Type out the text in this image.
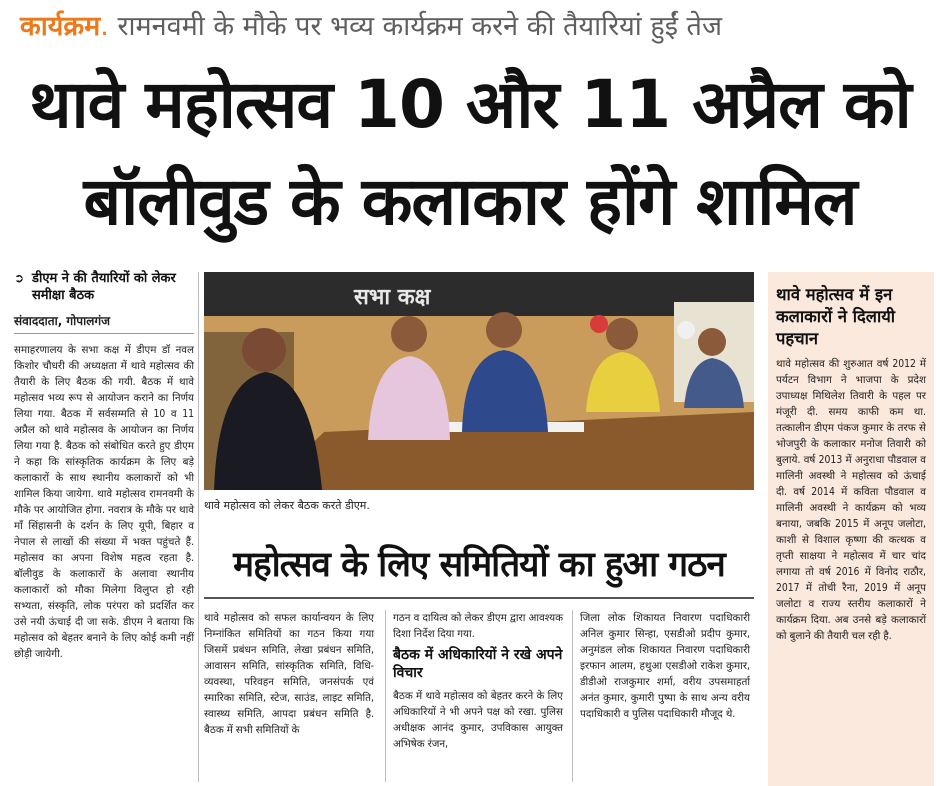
कार्यक्रम. रामनवमी के मौके पर भव्य कार्यक्रम करने की तैयारियां हुईं तेज
थावे महोत्सव 10 और 11 अप्रैल को
बॉलीवुड के कलाकार होंगे शामिल
➲ डीएम ने की तैयारियों को लेकर समीक्षा बैठक
संवाददाता, गोपालगंज
समाहरणालय के सभा कक्ष में डीएम डॉ नवल किशोर चौधरी की अध्यक्षता में थावे महोत्सव की तैयारी के लिए बैठक की गयी. बैठक में थावे महोत्सव भव्य रूप से आयोजन कराने का निर्णय लिया गया. बैठक में सर्वसम्मति से 10 व 11 अप्रैल को थावे महोत्सव के आयोजन का निर्णय लिया गया है. बैठक को संबोधित करते हुए डीएम ने कहा कि सांस्कृतिक कार्यक्रम के लिए बड़े कलाकारों के साथ स्थानीय कलाकारों को भी शामिल किया जायेगा. थावे महोत्सव रामनवमी के मौके पर आयोजित होगा. नवरात्र के मौके पर थावे माँ सिंहासनी के दर्शन के लिए यूपी, बिहार व नेपाल से लाखों की संख्या में भक्त पहुंचते हैं. महोत्सव का अपना विशेष महत्व रहता है. बॉलीवुड के कलाकारों के अलावा स्थानीय कलाकारों को मौका मिलेगा विलुप्त हो रही सभ्यता, संस्कृति, लोक परंपरा को प्रदर्शित कर उसे नयी ऊंचाई दी जा सके. डीएम ने बताया कि महोत्सव को बेहतर बनाने के लिए कोई कमी नहीं छोड़ी जायेगी.
सभा कक्ष
थावे महोत्सव को लेकर बैठक करते डीएम.
महोत्सव के लिए समितियों का हुआ गठन
थावे महोत्सव को सफल कार्यान्वयन के लिए निम्नांकित समितियों का गठन किया गया जिसमें प्रबंधन समिति, लेखा प्रबंधन समिति, आवासन समिति, सांस्कृतिक समिति, विधि-व्यवस्था, परिवहन समिति, जनसंपर्क एवं स्मारिका समिति, स्टेज, साउंड, लाइट समिति, स्वास्थ्य समिति, आपदा प्रबंधन समिति है. बैठक में सभी समितियों के
गठन व दायित्व को लेकर डीएम द्वारा आवश्यक दिशा निर्देश दिया गया.
बैठक में अधिकारियों ने रखे अपने विचार
बैठक में थावे महोत्सव को बेहतर करने के लिए अधिकारियों ने भी अपने पक्ष को रखा. पुलिस अधीक्षक आनंद कुमार, उपविकास आयुक्त अभिषेक रंजन,
जिला लोक शिकायत निवारण पदाधिकारी अनिल कुमार सिन्हा, एसडीओ प्रदीप कुमार, अनुमंडल लोक शिकायत निवारण पदाधिकारी इरफान आलम, हथुआ एसडीओ राकेश कुमार, डीडीओ राजकुमार शर्मा, वरीय उपसमाहर्ता अनंत कुमार, कुमारी पुष्पा के साथ अन्य वरीय पदाधिकारी व पुलिस पदाधिकारी मौजूद थे.
थावे महोत्सव में इन कलाकारों ने दिलायी पहचान
थावे महोत्सव की शुरुआत वर्ष 2012 में पर्यटन विभाग ने भाजपा के प्रदेश उपाध्यक्ष मिथिलेश तिवारी के पहल पर मंजूरी दी. समय काफी कम था. तत्कालीन डीएम पंकज कुमार के तरफ से भोजपुरी के कलाकार मनोज तिवारी को बुलाये. वर्ष 2013 में अनुराधा पौडवाल व मालिनी अवस्थी ने महोत्सव को ऊंचाई दी. वर्ष 2014 में कविता पौडवाल व मालिनी अवस्थी ने कार्यक्रम को भव्य बनाया, जबकि 2015 में अनूप जलोटा, काशी से विशाल कृष्णा की कत्थक व तृप्ती साक्षया ने महोत्सव में चार चांद लगाया तो वर्ष 2016 में विनोद राठौर, 2017 में तोची रैना, 2019 में अनूप जलोटा व राज्य स्तरीय कलाकारों ने कार्यक्रम दिया. अब उनसे बड़े कलाकारों को बुलाने की तैयारी चल रही है.
